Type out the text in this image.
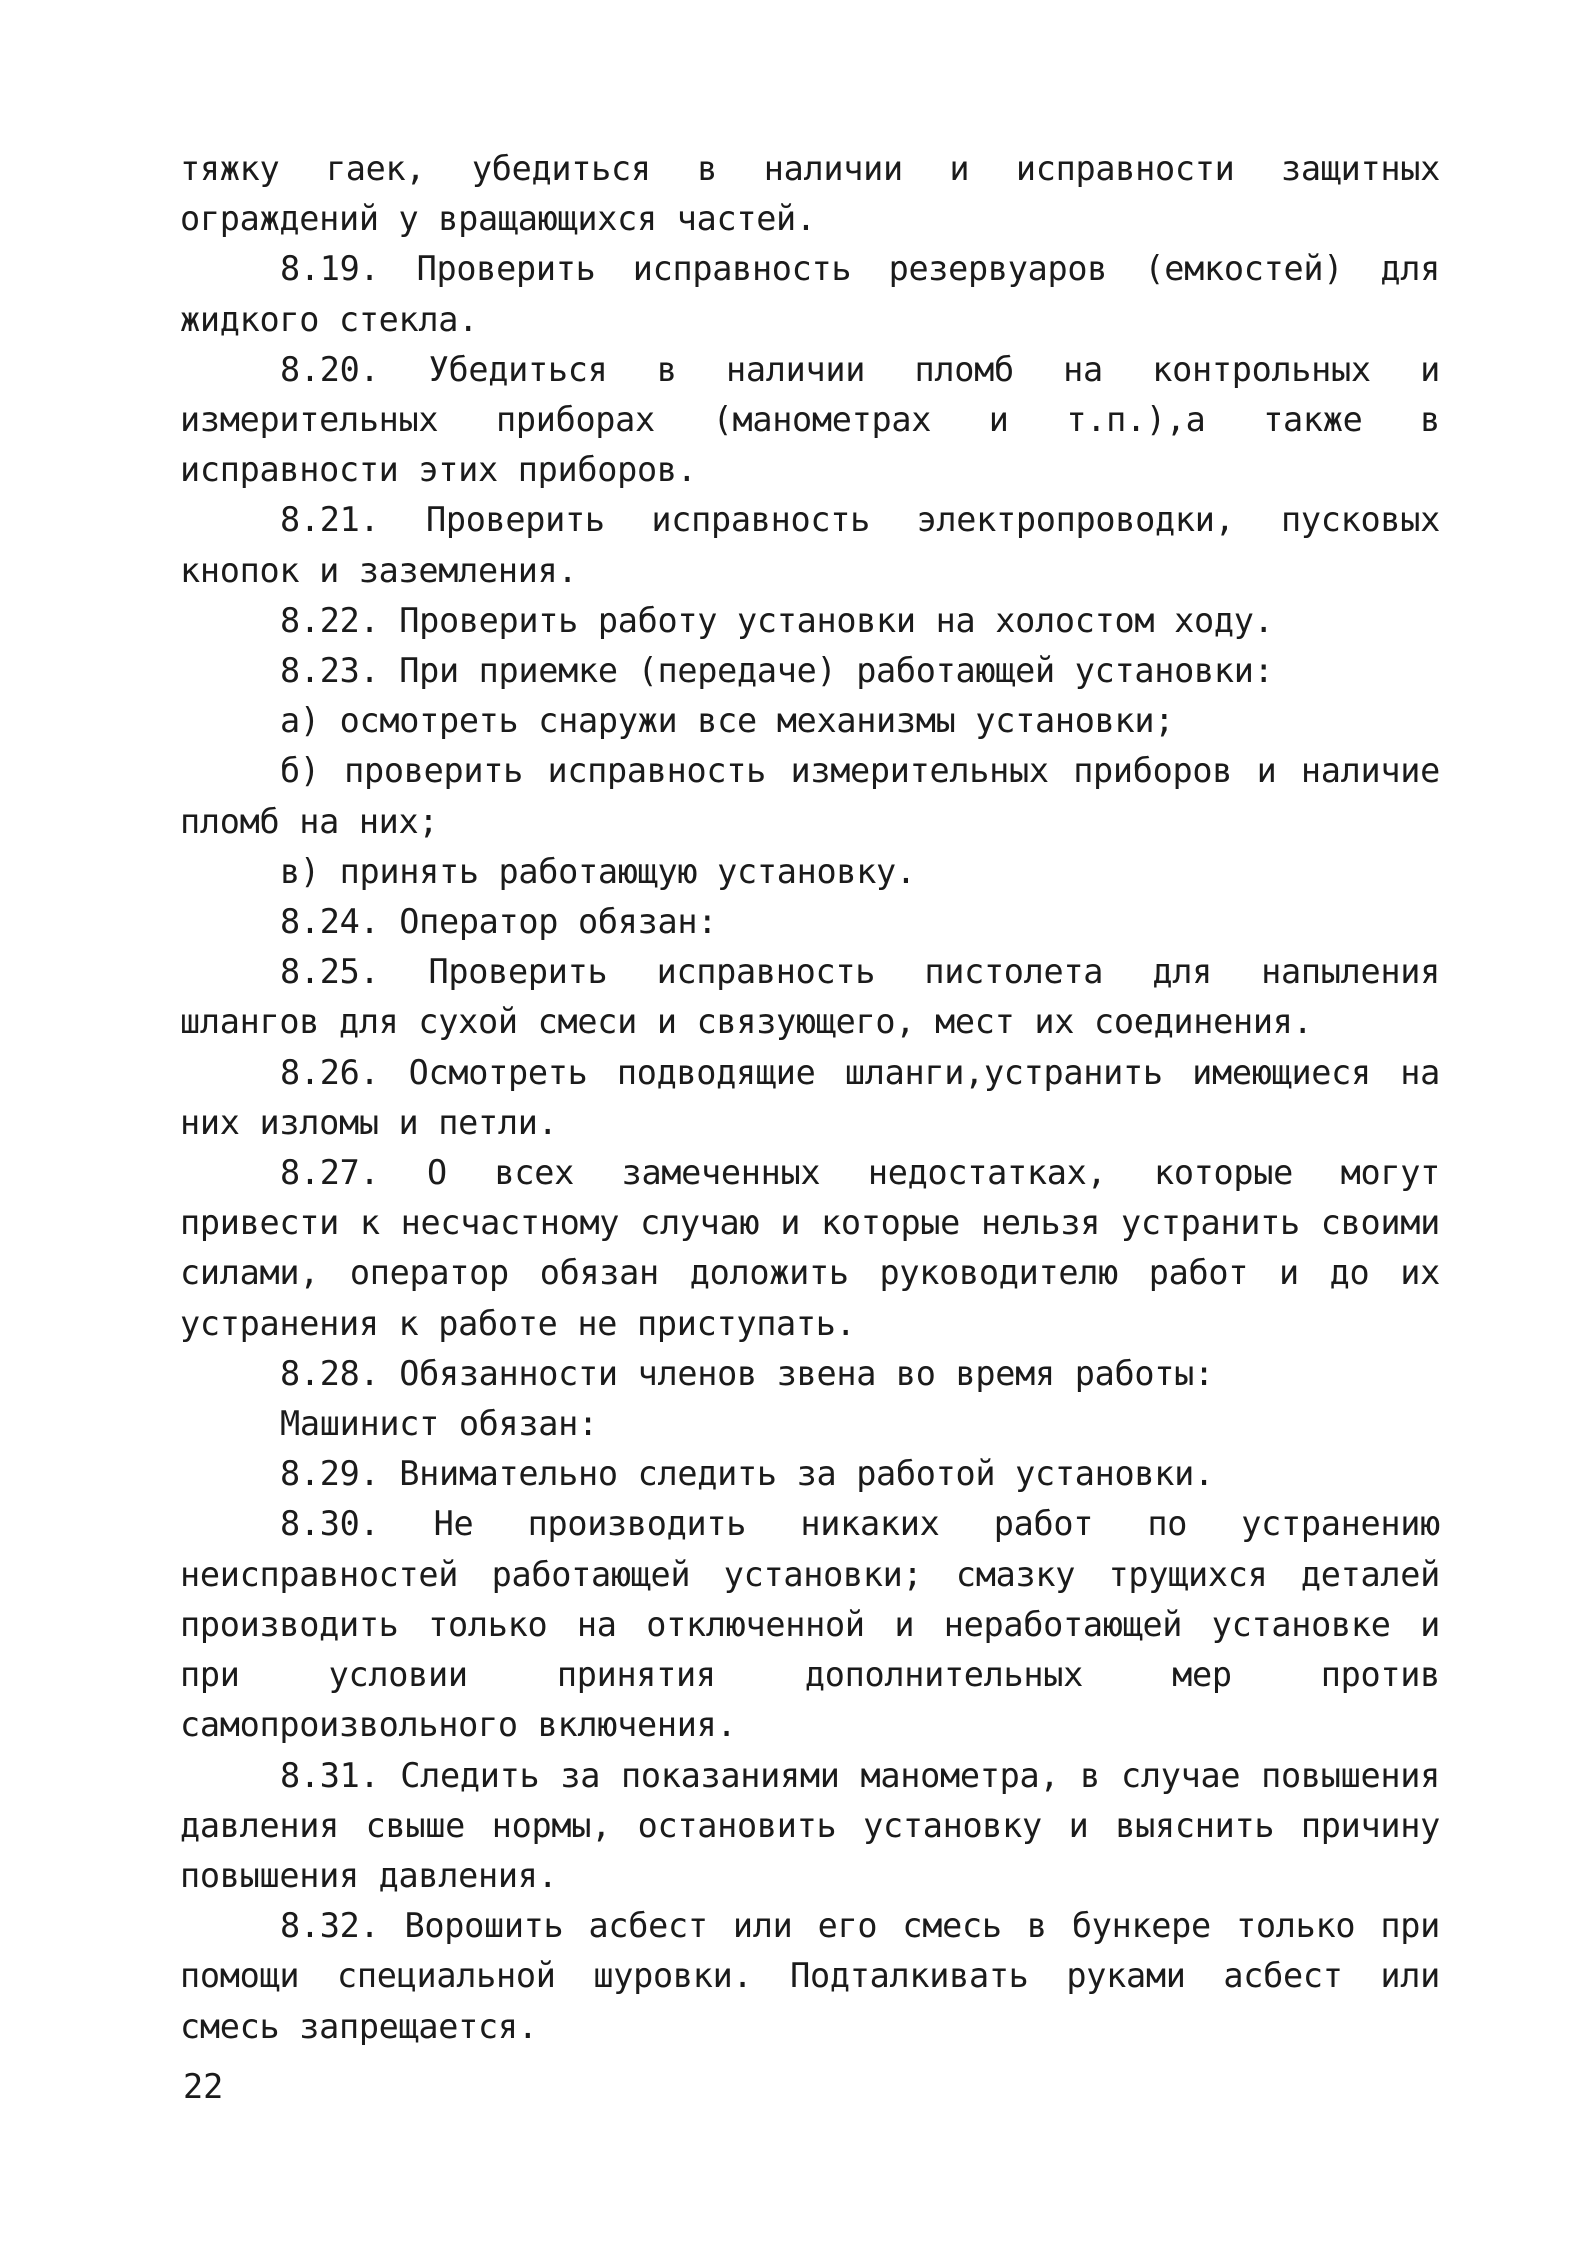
тяжку гаек, убедиться в наличии и исправности защитных ограждений у вращающихся частей.

8.19. Проверить исправность резервуаров (емкостей) для жидкого стекла.

8.20. Убедиться в наличии пломб на контрольных и измерительных приборах (манометрах и т.п.),а также в исправности этих приборов.

8.21. Проверить исправность электропроводки, пусковых кнопок и заземления.

8.22. Проверить работу установки на холостом ходу.

8.23. При приемке (передаче) работающей установки:

а) осмотреть снаружи все механизмы установки;

б) проверить исправность измерительных приборов и наличие пломб на них;

в) принять работающую установку.

8.24. Оператор обязан:

8.25. Проверить исправность пистолета для напыления шлангов для сухой смеси и связующего, мест их соединения.

8.26. Осмотреть подводящие шланги,устранить имеющиеся на них изломы и петли.

8.27. О всех замеченных недостатках, которые могут привести к несчастному случаю и которые нельзя устранить своими силами, оператор обязан доложить руководителю работ и до их устранения к работе не приступать.

8.28. Обязанности членов звена во время работы:

Машинист обязан:

8.29. Внимательно следить за работой установки.

8.30. Не производить никаких работ по устранению неисправностей работающей установки; смазку трущихся деталей производить только на отключенной и неработающей установке и при условии принятия дополнительных мер против самопроизвольного включения.

8.31. Следить за показаниями манометра, в случае повышения давления свыше нормы, остановить установку и выяснить причину повышения давления.

8.32. Ворошить асбест или его смесь в бункере только при помощи специальной шуровки. Подталкивать руками асбест или смесь запрещается.

22
